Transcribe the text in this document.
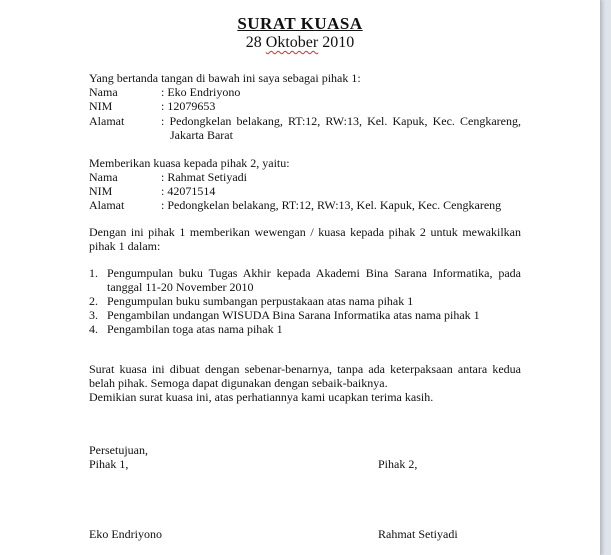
SURAT KUASA
28 Oktober 2010
Yang bertanda tangan di bawah ini saya sebagai pihak 1:
Nama	: Eko Endriyono
NIM	: 12079653
Alamat	: Pedongkelan belakang, RT:12, RW:13, Kel. Kapuk, Kec. Cengkareng,
Jakarta Barat
Memberikan kuasa kepada pihak 2, yaitu:
Nama	: Rahmat Setiyadi
NIM	: 42071514
Alamat	: Pedongkelan belakang, RT:12, RW:13, Kel. Kapuk, Kec. Cengkareng
Dengan ini pihak 1 memberikan wewengan / kuasa kepada pihak 2 untuk mewakilkan
pihak 1 dalam:
1. Pengumpulan buku Tugas Akhir kepada Akademi Bina Sarana Informatika, pada
tanggal 11-20 November 2010
2. Pengumpulan buku sumbangan perpustakaan atas nama pihak 1
3. Pengambilan undangan WISUDA Bina Sarana Informatika atas nama pihak 1
4. Pengambilan toga atas nama pihak 1
Surat kuasa ini dibuat dengan sebenar-benarnya, tanpa ada keterpaksaan antara kedua
belah pihak. Semoga dapat digunakan dengan sebaik-baiknya.
Demikian surat kuasa ini, atas perhatiannya kami ucapkan terima kasih.
Persetujuan,
Pihak 1,	Pihak 2,
Eko Endriyono	Rahmat Setiyadi
